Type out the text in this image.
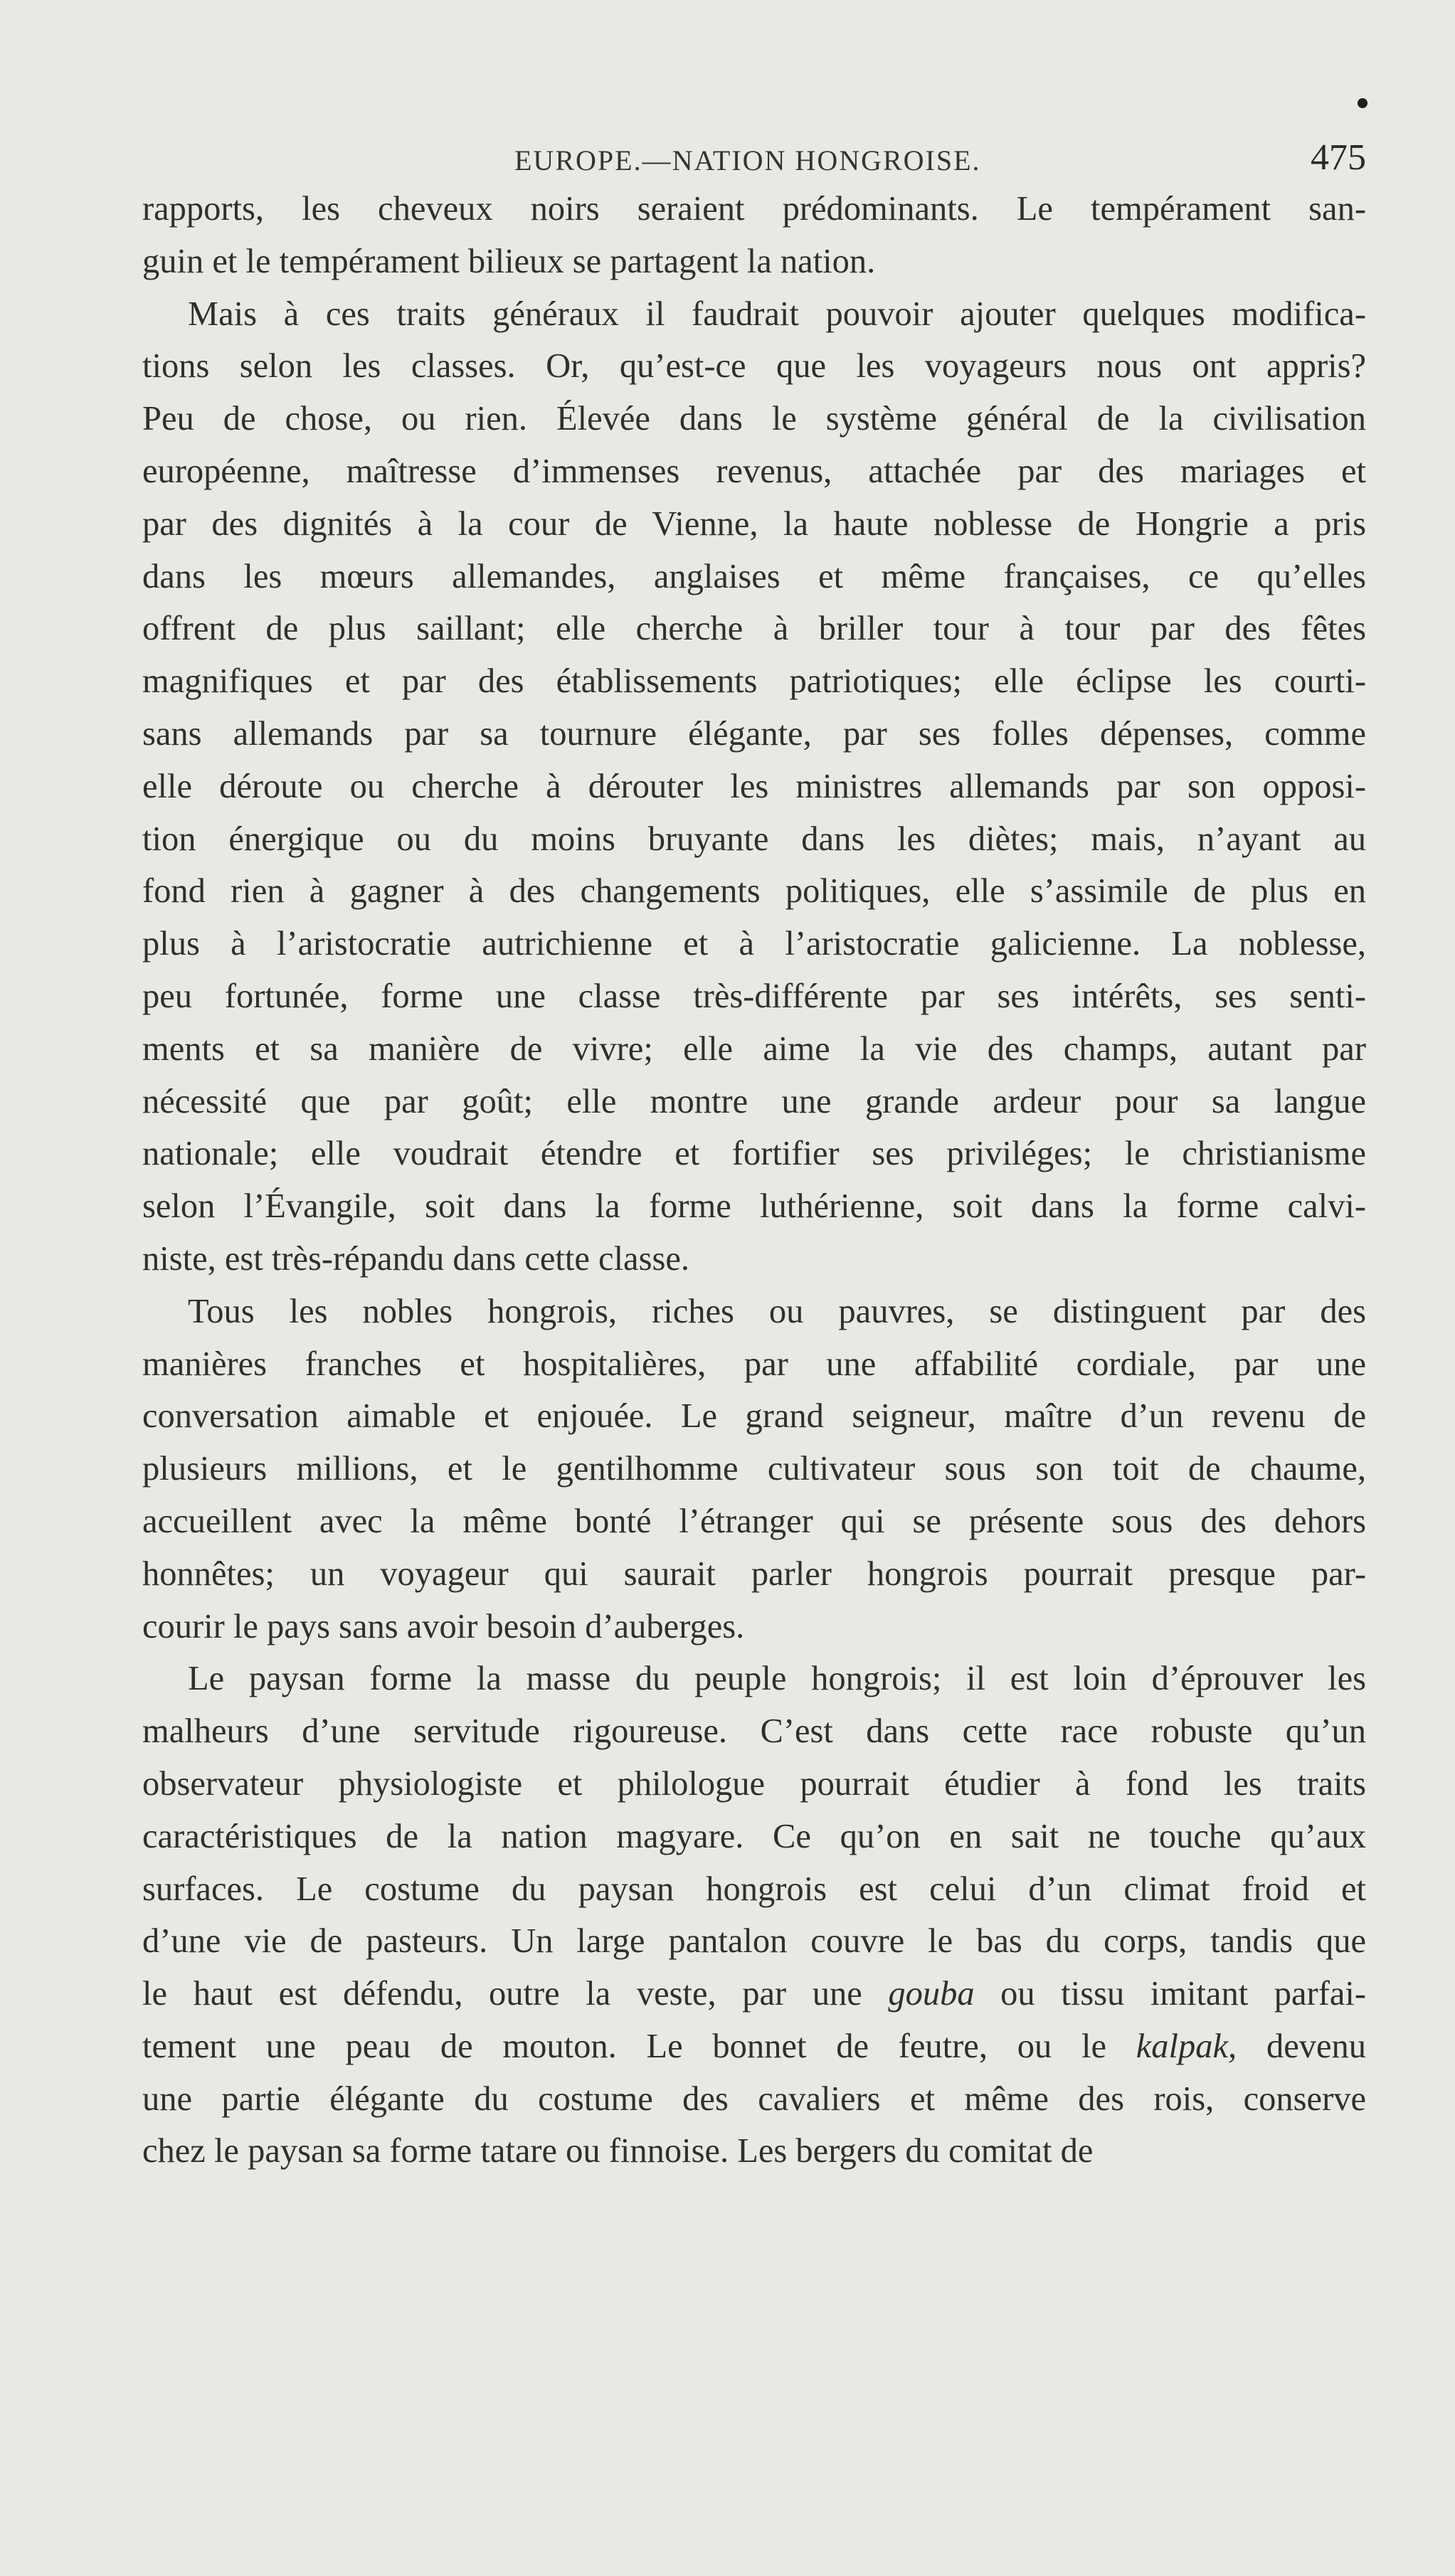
EUROPE.—NATION HONGROISE.	475

rapports, les cheveux noirs seraient prédominants. Le tempérament san-
guin et le tempérament bilieux se partagent la nation.

Mais à ces traits généraux il faudrait pouvoir ajouter quelques modifica-
tions selon les classes. Or, qu’est-ce que les voyageurs nous ont appris?
Peu de chose, ou rien. Élevée dans le système général de la civilisation
européenne, maîtresse d’immenses revenus, attachée par des mariages et
par des dignités à la cour de Vienne, la haute noblesse de Hongrie a pris
dans les mœurs allemandes, anglaises et même françaises, ce qu’elles
offrent de plus saillant; elle cherche à briller tour à tour par des fêtes
magnifiques et par des établissements patriotiques; elle éclipse les courti-
sans allemands par sa tournure élégante, par ses folles dépenses, comme
elle déroute ou cherche à dérouter les ministres allemands par son opposi-
tion énergique ou du moins bruyante dans les diètes; mais, n’ayant au
fond rien à gagner à des changements politiques, elle s’assimile de plus en
plus à l’aristocratie autrichienne et à l’aristocratie galicienne. La noblesse,
peu fortunée, forme une classe très-différente par ses intérêts, ses senti-
ments et sa manière de vivre; elle aime la vie des champs, autant par
nécessité que par goût; elle montre une grande ardeur pour sa langue
nationale; elle voudrait étendre et fortifier ses priviléges; le christianisme
selon l’Évangile, soit dans la forme luthérienne, soit dans la forme calvi-
niste, est très-répandu dans cette classe.

Tous les nobles hongrois, riches ou pauvres, se distinguent par des
manières franches et hospitalières, par une affabilité cordiale, par une
conversation aimable et enjouée. Le grand seigneur, maître d’un revenu de
plusieurs millions, et le gentilhomme cultivateur sous son toit de chaume,
accueillent avec la même bonté l’étranger qui se présente sous des dehors
honnêtes; un voyageur qui saurait parler hongrois pourrait presque par-
courir le pays sans avoir besoin d’auberges.

Le paysan forme la masse du peuple hongrois; il est loin d’éprouver les
malheurs d’une servitude rigoureuse. C’est dans cette race robuste qu’un
observateur physiologiste et philologue pourrait étudier à fond les traits
caractéristiques de la nation magyare. Ce qu’on en sait ne touche qu’aux
surfaces. Le costume du paysan hongrois est celui d’un climat froid et
d’une vie de pasteurs. Un large pantalon couvre le bas du corps, tandis que
le haut est défendu, outre la veste, par une gouba ou tissu imitant parfai-
tement une peau de mouton. Le bonnet de feutre, ou le kalpak, devenu
une partie élégante du costume des cavaliers et même des rois, conserve
chez le paysan sa forme tatare ou finnoise. Les bergers du comitat de
